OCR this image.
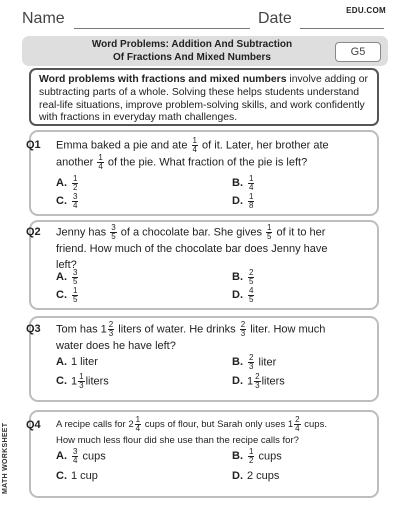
EDU.COM
Name	Date
Word Problems: Addition And Subtraction
Of Fractions And Mixed Numbers	G5
Word problems with fractions and mixed numbers involve adding or subtracting parts of a whole. Solving these helps students understand real-life situations, improve problem-solving skills, and work confidently with fractions in everyday math challenges.
Q1 Emma baked a pie and ate $\frac{1}{4}$ of it. Later, her brother ate
another $\frac{1}{4}$ of the pie. What fraction of the pie is left?
A. $\frac{1}{2}$	B. $\frac{1}{4}$
C. $\frac{3}{4}$	D. $\frac{1}{8}$
Q2 Jenny has $\frac{3}{5}$ of a chocolate bar. She gives $\frac{1}{5}$ of it to her
friend. How much of the chocolate bar does Jenny have
left?
A. $\frac{3}{5}$	B. $\frac{2}{5}$
C. $\frac{1}{5}$	D. $\frac{4}{5}$
Q3 Tom has $1 \frac{2}{3}$ liters of water. He drinks $\frac{2}{3}$ liter. How much
water does he have left?
A. 1 liter	B. $\frac{2}{3}$ liter
C. $1 \frac{1}{3}$ liters	D. $1 \frac{2}{3}$ liters
Q4 A recipe calls for $2 \frac{1}{4}$ cups of flour, but Sarah only uses $1 \frac{2}{4}$ cups.
How much less flour did she use than the recipe calls for?
A. $\frac{3}{4}$ cups	B. $\frac{1}{2}$ cups
C. 1 cup	D. 2 cups
MATH WORKSHEET
